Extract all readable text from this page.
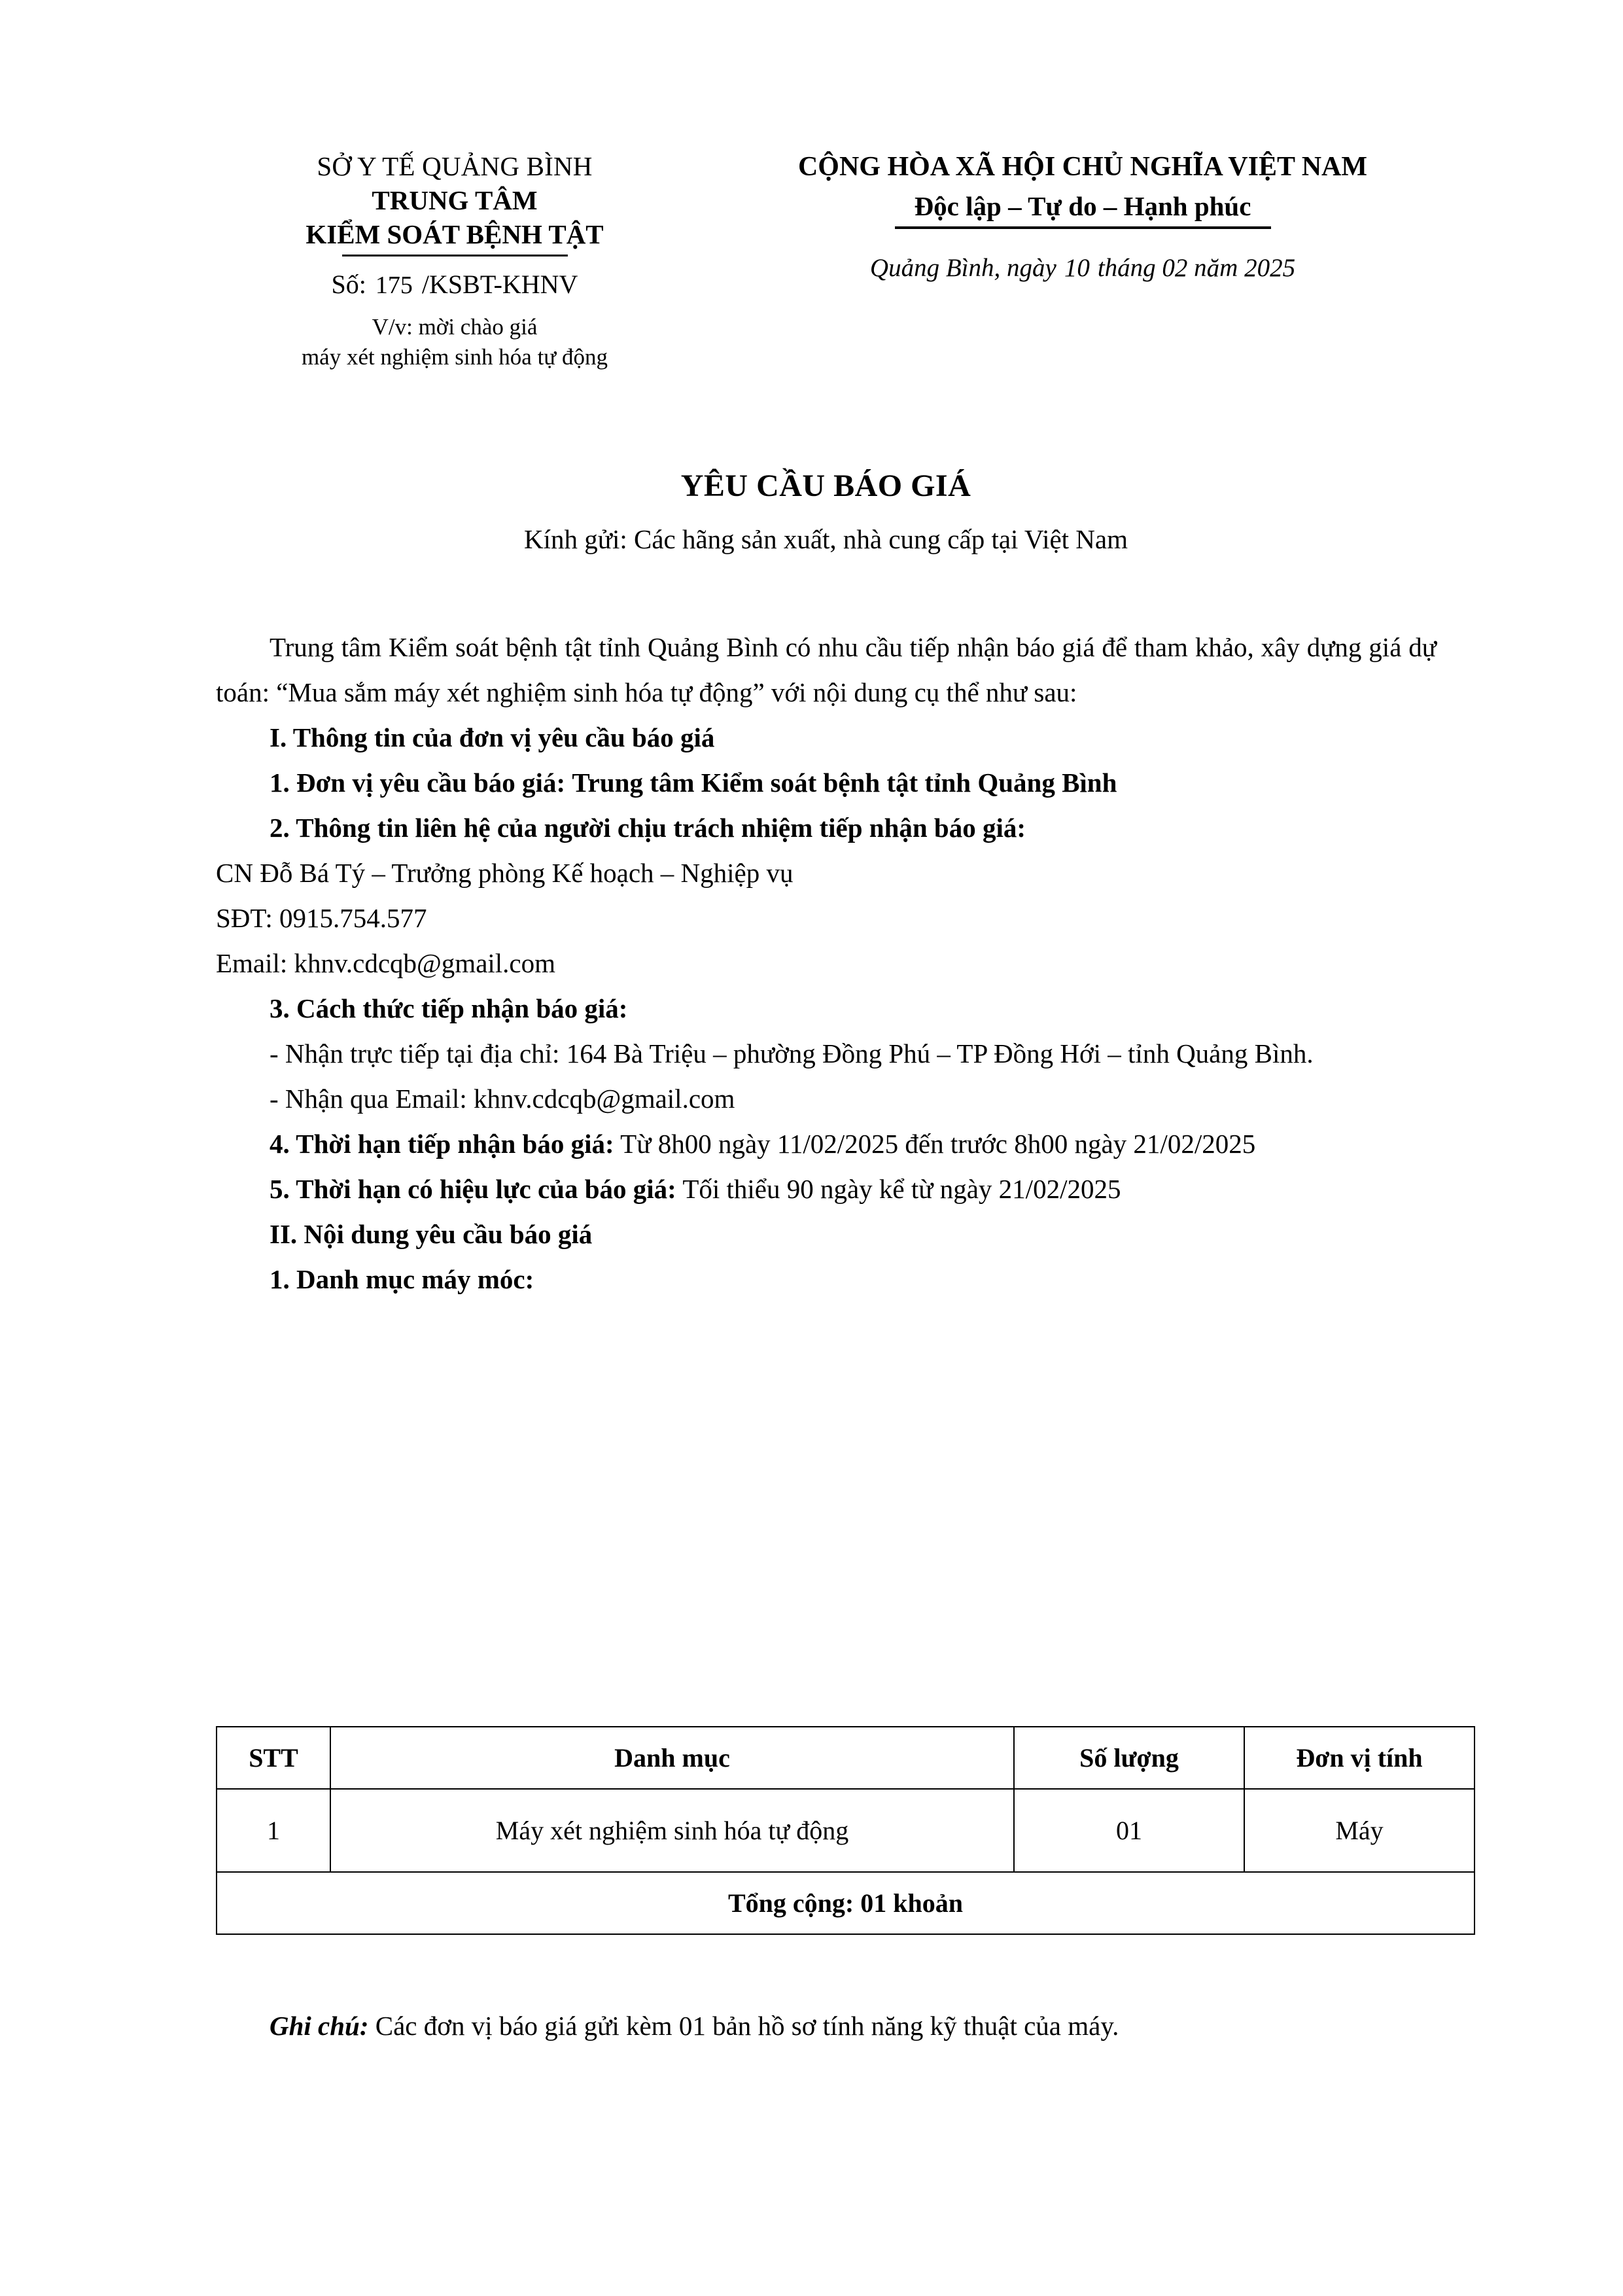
SỞ Y TẾ QUẢNG BÌNH
TRUNG TÂM
KIỂM SOÁT BỆNH TẬT
Số: 175 /KSBT-KHNV
V/v: mời chào giá
máy xét nghiệm sinh hóa tự động
CỘNG HÒA XÃ HỘI CHỦ NGHĨA VIỆT NAM
Độc lập – Tự do – Hạnh phúc
Quảng Bình, ngày 10 tháng 02 năm 2025
YÊU CẦU BÁO GIÁ
Kính gửi: Các hãng sản xuất, nhà cung cấp tại Việt Nam

Trung tâm Kiểm soát bệnh tật tỉnh Quảng Bình có nhu cầu tiếp nhận báo giá để tham khảo, xây dựng giá dự toán: “Mua sắm máy xét nghiệm sinh hóa tự động” với nội dung cụ thể như sau:

I. Thông tin của đơn vị yêu cầu báo giá

1. Đơn vị yêu cầu báo giá: Trung tâm Kiểm soát bệnh tật tỉnh Quảng Bình

2. Thông tin liên hệ của người chịu trách nhiệm tiếp nhận báo giá:

CN Đỗ Bá Tý – Trưởng phòng Kế hoạch – Nghiệp vụ

SĐT: 0915.754.577

Email: khnv.cdcqb@gmail.com

3. Cách thức tiếp nhận báo giá:

- Nhận trực tiếp tại địa chỉ: 164 Bà Triệu – phường Đồng Phú – TP Đồng Hới – tỉnh Quảng Bình.

- Nhận qua Email: khnv.cdcqb@gmail.com

4. Thời hạn tiếp nhận báo giá: Từ 8h00 ngày 11/02/2025 đến trước 8h00 ngày 21/02/2025

5. Thời hạn có hiệu lực của báo giá: Tối thiểu 90 ngày kể từ ngày 21/02/2025

II. Nội dung yêu cầu báo giá

1. Danh mục máy móc:

STT	Danh mục	Số lượng	Đơn vị tính
1	Máy xét nghiệm sinh hóa tự động	01	Máy
Tổng cộng: 01 khoản			

Ghi chú: Các đơn vị báo giá gửi kèm 01 bản hồ sơ tính năng kỹ thuật của máy.
